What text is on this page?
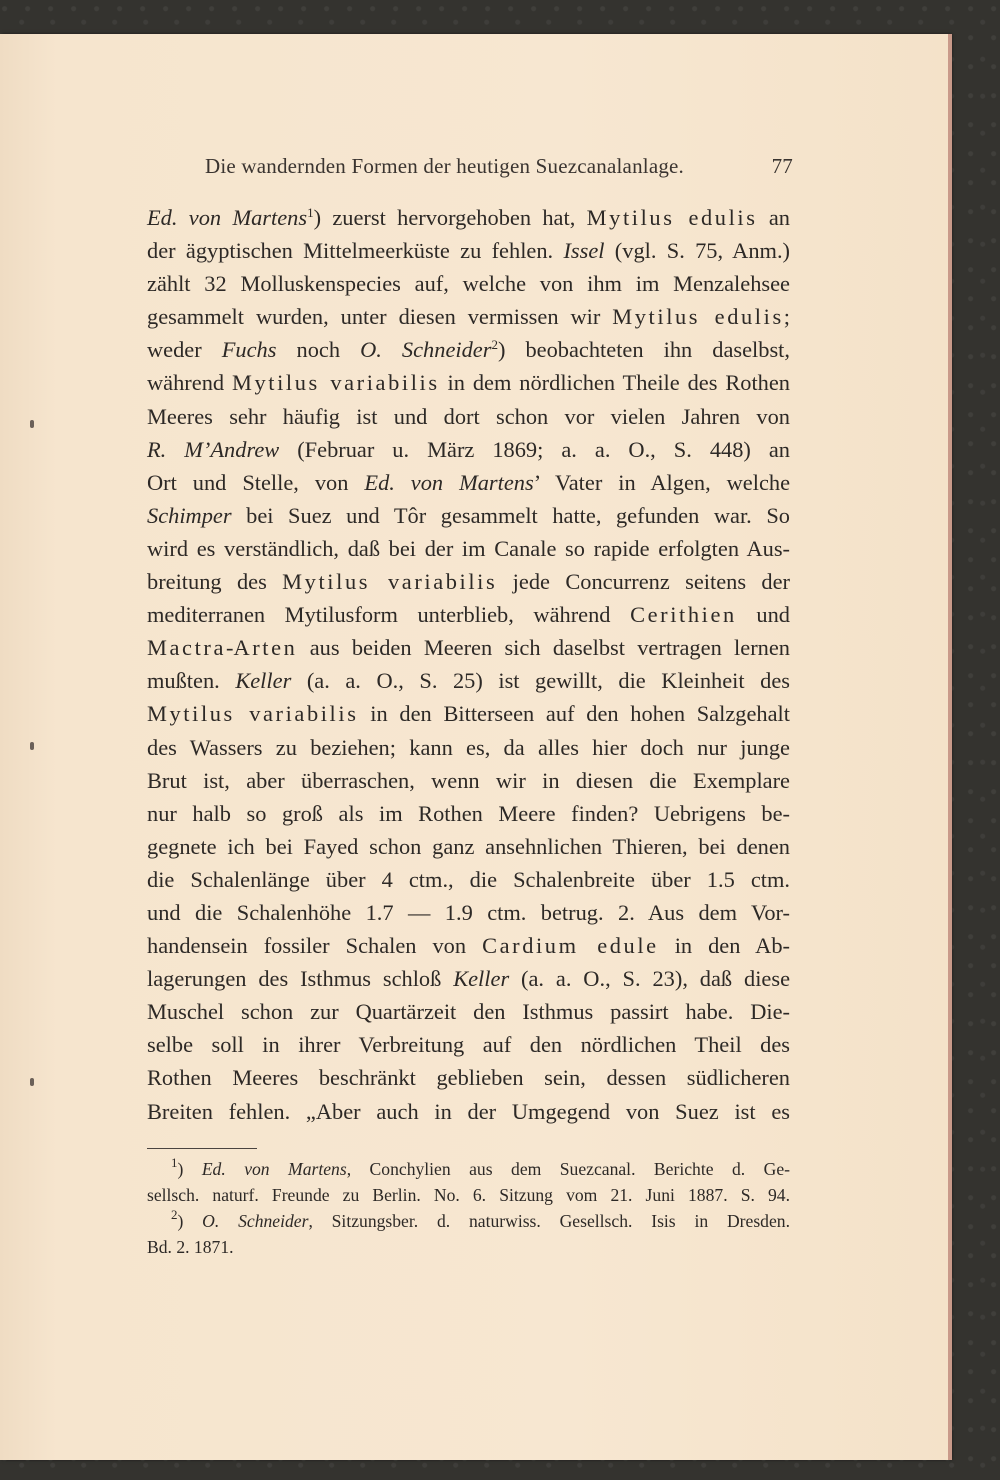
Die wandernden Formen der heutigen Suezcanalanlage.	77
Ed. von Martens$^1$) zuerst hervorgehoben hat, Mytilus edulis an
der ägyptischen Mittelmeerküste zu fehlen. Issel (vgl. S. 75, Anm.)
zählt 32 Molluskenspecies auf, welche von ihm im Menzalehsee
gesammelt wurden, unter diesen vermissen wir Mytilus edulis;
weder Fuchs noch O. Schneider$^2$) beobachteten ihn daselbst,
während Mytilus variabilis in dem nördlichen Theile des Rothen
Meeres sehr häufig ist und dort schon vor vielen Jahren von
R. M’Andrew (Februar u. März 1869; a. a. O., S. 448) an
Ort und Stelle, von Ed. von Martens’ Vater in Algen, welche
Schimper bei Suez und Tôr gesammelt hatte, gefunden war. So
wird es verständlich, daß bei der im Canale so rapide erfolgten Aus-
breitung des Mytilus variabilis jede Concurrenz seitens der
mediterranen Mytilusform unterblieb, während Cerithien und
Mactra-Arten aus beiden Meeren sich daselbst vertragen lernen
mußten. Keller (a. a. O., S. 25) ist gewillt, die Kleinheit des
Mytilus variabilis in den Bitterseen auf den hohen Salzgehalt
des Wassers zu beziehen; kann es, da alles hier doch nur junge
Brut ist, aber überraschen, wenn wir in diesen die Exemplare
nur halb so groß als im Rothen Meere finden? Uebrigens be-
gegnete ich bei Fayed schon ganz ansehnlichen Thieren, bei denen
die Schalenlänge über 4 ctm., die Schalenbreite über 1.5 ctm.
und die Schalenhöhe 1.7 — 1.9 ctm. betrug. 2. Aus dem Vor-
handensein fossiler Schalen von Cardium edule in den Ab-
lagerungen des Isthmus schloß Keller (a. a. O., S. 23), daß diese
Muschel schon zur Quartärzeit den Isthmus passirt habe. Die-
selbe soll in ihrer Verbreitung auf den nördlichen Theil des
Rothen Meeres beschränkt geblieben sein, dessen südlicheren
Breiten fehlen. „Aber auch in der Umgegend von Suez ist es
$^1$) Ed. von Martens, Conchylien aus dem Suezcanal. Berichte d. Ge-
sellsch. naturf. Freunde zu Berlin. No. 6. Sitzung vom 21. Juni 1887. S. 94.
$^2$) O. Schneider, Sitzungsber. d. naturwiss. Gesellsch. Isis in Dresden.
Bd. 2. 1871.
